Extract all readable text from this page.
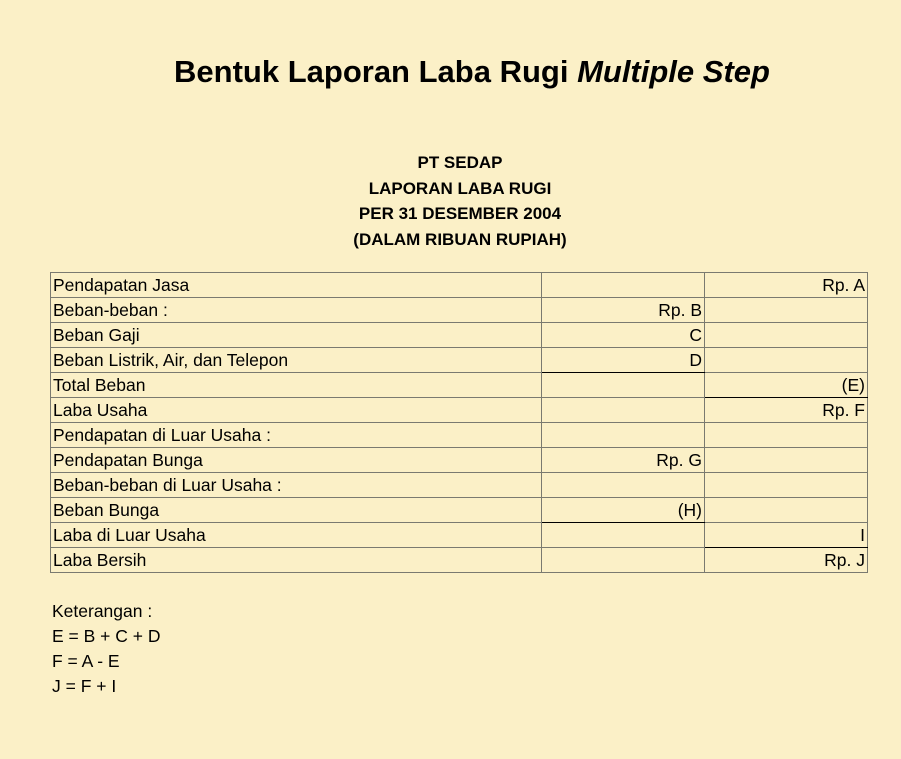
Bentuk Laporan Laba Rugi Multiple Step
PT SEDAP
LAPORAN LABA RUGI
PER 31 DESEMBER 2004
(DALAM RIBUAN RUPIAH)
Pendapatan Jasa		Rp. A
Beban-beban :	Rp. B	
Beban Gaji	C	
Beban Listrik, Air, dan Telepon	D	
Total Beban		(E)
Laba Usaha		Rp. F
Pendapatan di Luar Usaha :		
Pendapatan Bunga	Rp. G	
Beban-beban di Luar Usaha :		
Beban Bunga	(H)	
Laba di Luar Usaha		I
Laba Bersih		Rp. J
Keterangan :
E = B + C + D
F = A - E
J = F + I
